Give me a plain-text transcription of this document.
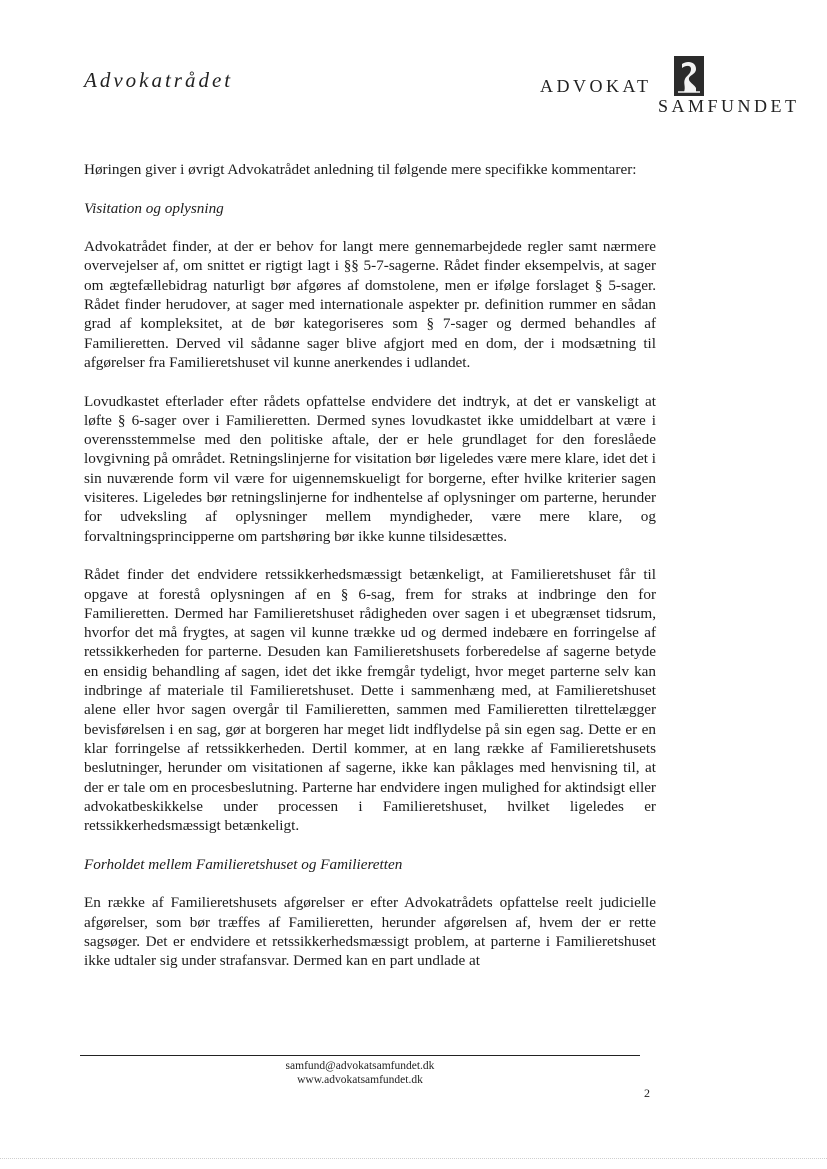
Advokatrådet	ADVOKAT
SAMFUNDET

Høringen giver i øvrigt Advokatrådet anledning til følgende mere specifikke kommentarer:

Visitation og oplysning

Advokatrådet finder, at der er behov for langt mere gennemarbejdede regler samt nærmere overvejelser af, om snittet er rigtigt lagt i §§ 5-7-sagerne. Rådet finder eksempelvis, at sager om ægtefællebidrag naturligt bør afgøres af domstolene, men er ifølge forslaget § 5-sager. Rådet finder herudover, at sager med internationale aspekter pr. definition rummer en sådan grad af kompleksitet, at de bør kategoriseres som § 7-sager og dermed behandles af Familieretten. Derved vil sådanne sager blive afgjort med en dom, der i modsætning til afgørelser fra Familieretshuset vil kunne anerkendes i udlandet.

Lovudkastet efterlader efter rådets opfattelse endvidere det indtryk, at det er vanskeligt at løfte § 6-sager over i Familieretten. Dermed synes lovudkastet ikke umiddelbart at være i overensstemmelse med den politiske aftale, der er hele grundlaget for den foreslåede lovgivning på området. Retningslinjerne for visitation bør ligeledes være mere klare, idet det i sin nuværende form vil være for uigennemskueligt for borgerne, efter hvilke kriterier sagen visiteres. Ligeledes bør retningslinjerne for indhentelse af oplysninger om parterne, herunder for udveksling af oplysninger mellem myndigheder, være mere klare, og forvaltningsprincipperne om partshøring bør ikke kunne tilsidesættes.

Rådet finder det endvidere retssikkerhedsmæssigt betænkeligt, at Familieretshuset får til opgave at forestå oplysningen af en § 6-sag, frem for straks at indbringe den for Familieretten. Dermed har Familieretshuset rådigheden over sagen i et ubegrænset tidsrum, hvorfor det må frygtes, at sagen vil kunne trække ud og dermed indebære en forringelse af retssikkerheden for parterne. Desuden kan Familieretshusets forberedelse af sagerne betyde en ensidig behandling af sagen, idet det ikke fremgår tydeligt, hvor meget parterne selv kan indbringe af materiale til Familieretshuset. Dette i sammenhæng med, at Familieretshuset alene eller hvor sagen overgår til Familieretten, sammen med Familieretten tilrettelægger bevisførelsen i en sag, gør at borgeren har meget lidt indflydelse på sin egen sag. Dette er en klar forringelse af retssikkerheden. Dertil kommer, at en lang række af Familieretshusets beslutninger, herunder om visitationen af sagerne, ikke kan påklages med henvisning til, at der er tale om en procesbeslutning. Parterne har endvidere ingen mulighed for aktindsigt eller advokatbeskikkelse under processen i Familieretshuset, hvilket ligeledes er retssikkerhedsmæssigt betænkeligt.

Forholdet mellem Familieretshuset og Familieretten

En række af Familieretshusets afgørelser er efter Advokatrådets opfattelse reelt judicielle afgørelser, som bør træffes af Familieretten, herunder afgørelsen af, hvem der er rette sagsøger. Det er endvidere et retssikkerhedsmæssigt problem, at parterne i Familieretshuset ikke udtaler sig under strafansvar. Dermed kan en part undlade at

samfund@advokatsamfundet.dk
www.advokatsamfundet.dk
2
